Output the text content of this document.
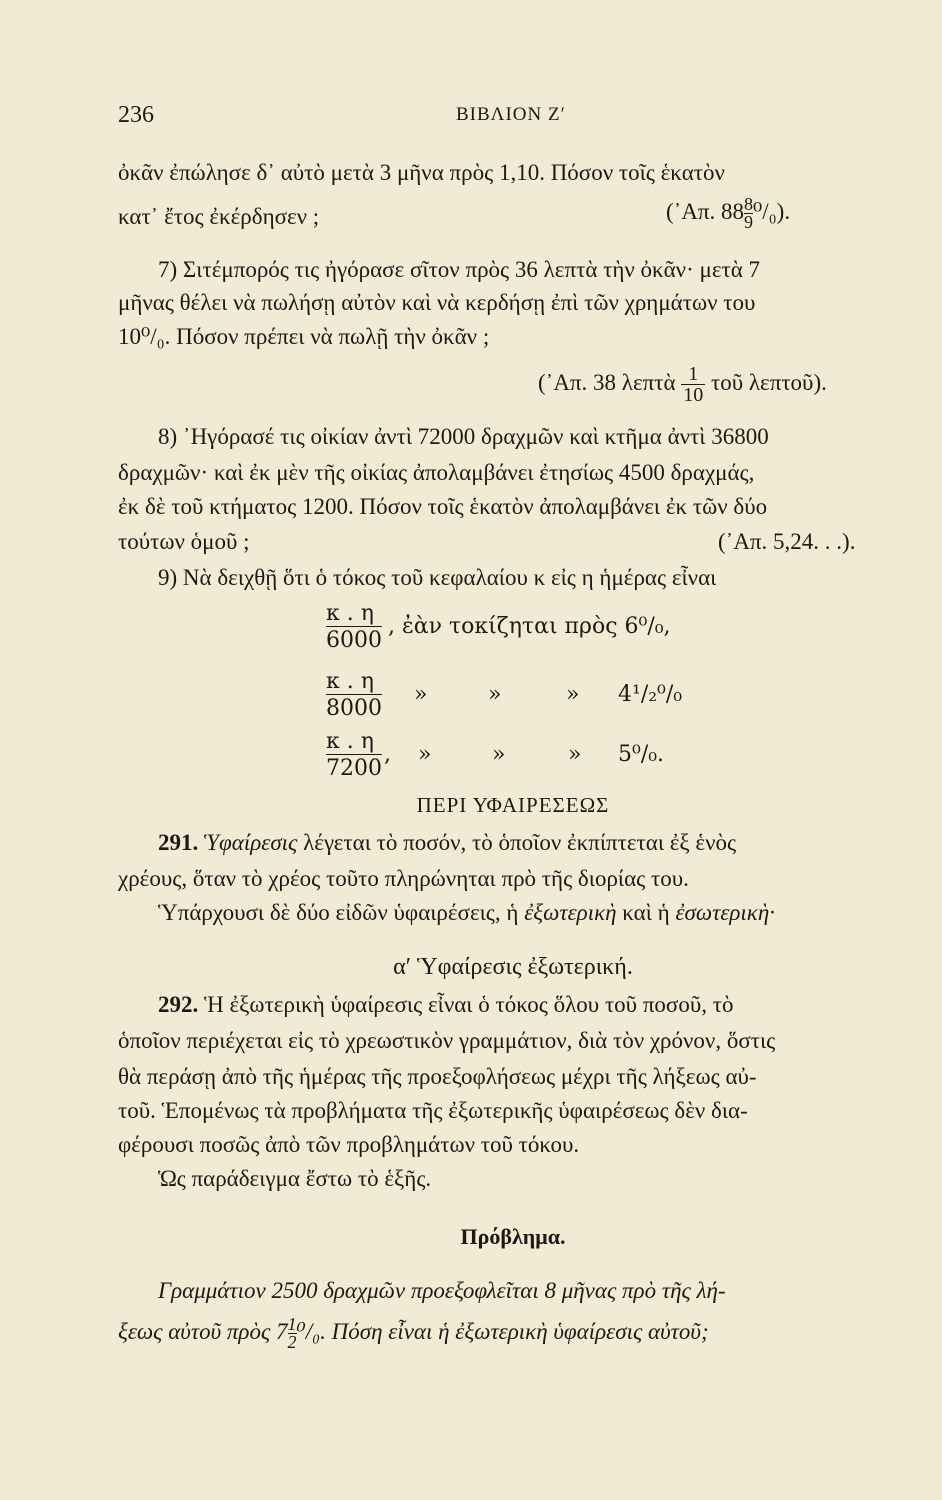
236	ΒΙΒΛΙΟΝ Ζ′
ὀκᾶν ἐπώλησε δ᾽ αὐτὸ μετὰ 3 μῆνα πρὸς 1,10. Πόσον τοῖς ἑκατὸν
κατ᾽ ἔτος ἐκέρδησεν ;	(᾽Απ. $88 \frac{8}{9} ^0/_0$).
7) Σιτέμπορός τις ἠγόρασε σῖτον πρὸς 36 λεπτὰ τὴν ὀκᾶν· μετὰ 7
μῆνας θέλει νὰ πωλήσῃ αὐτὸν καὶ νὰ κερδήσῃ ἐπὶ τῶν χρημάτων του
10⁰/₀. Πόσον πρέπει νὰ πωλῇ τὴν ὀκᾶν ;
(᾽Απ. 38 λεπτὰ $\frac{1}{10}$ τοῦ λεπτοῦ).
8) ᾽Ηγόρασέ τις οἰκίαν ἀντὶ 72000 δραχμῶν καὶ κτῆμα ἀντὶ 36800
δραχμῶν· καὶ ἐκ μὲν τῆς οἰκίας ἀπολαμβάνει ἐτησίως 4500 δραχμάς,
ἐκ δὲ τοῦ κτήματος 1200. Πόσον τοῖς ἑκατὸν ἀπολαμβάνει ἐκ τῶν δύο
τούτων ὁμοῦ ;	(᾽Απ. 5,24. . .).
9) Νὰ δειχθῇ ὅτι ὁ τόκος τοῦ κεφαλαίου κ εἰς η ἡμέρας εἶναι
$\frac{\kappa . \eta}{6000}$ , ἐὰν τοκίζηται πρὸς 6⁰/₀,
$\frac{\kappa . \eta}{8000}$ »	»	» 4¹/₂⁰/₀
$\frac{\kappa . \eta}{7200}$ , »	»	» 5⁰/₀.
ΠΕΡΙ ΥΦΑΙΡΕΣΕΩΣ
291. Ὑφαίρεσις λέγεται τὸ ποσόν, τὸ ὁποῖον ἐκπίπτεται ἐξ ἑνὸς
χρέους, ὅταν τὸ χρέος τοῦτο πληρώνηται πρὸ τῆς διορίας του.
Ὑπάρχουσι δὲ δύο εἰδῶν ὑφαιρέσεις, ἡ ἐξωτερικὴ καὶ ἡ ἐσωτερικὴ·
α′ Ὑφαίρεσις ἐξωτερική.
292. Ἡ ἐξωτερικὴ ὑφαίρεσις εἶναι ὁ τόκος ὅλου τοῦ ποσοῦ, τὸ
ὁποῖον περιέχεται εἰς τὸ χρεωστικὸν γραμμάτιον, διὰ τὸν χρόνον, ὅστις
θὰ περάσῃ ἀπὸ τῆς ἡμέρας τῆς προεξοφλήσεως μέχρι τῆς λήξεως αὐ-
τοῦ. Ἑπομένως τὰ προβλήματα τῆς ἐξωτερικῆς ὑφαιρέσεως δὲν δια-
φέρουσι ποσῶς ἀπὸ τῶν προβλημάτων τοῦ τόκου.
Ὡς παράδειγμα ἔστω τὸ ἑξῆς.
Πρόβλημα.
Γραμμάτιον 2500 δραχμῶν προεξοφλεῖται 8 μῆνας πρὸ τῆς λή-
ξεως αὐτοῦ πρὸς $7 \frac{1}{2} ^0/_0$. Πόση εἶναι ἡ ἐξωτερικὴ ὑφαίρεσις αὐτοῦ;
